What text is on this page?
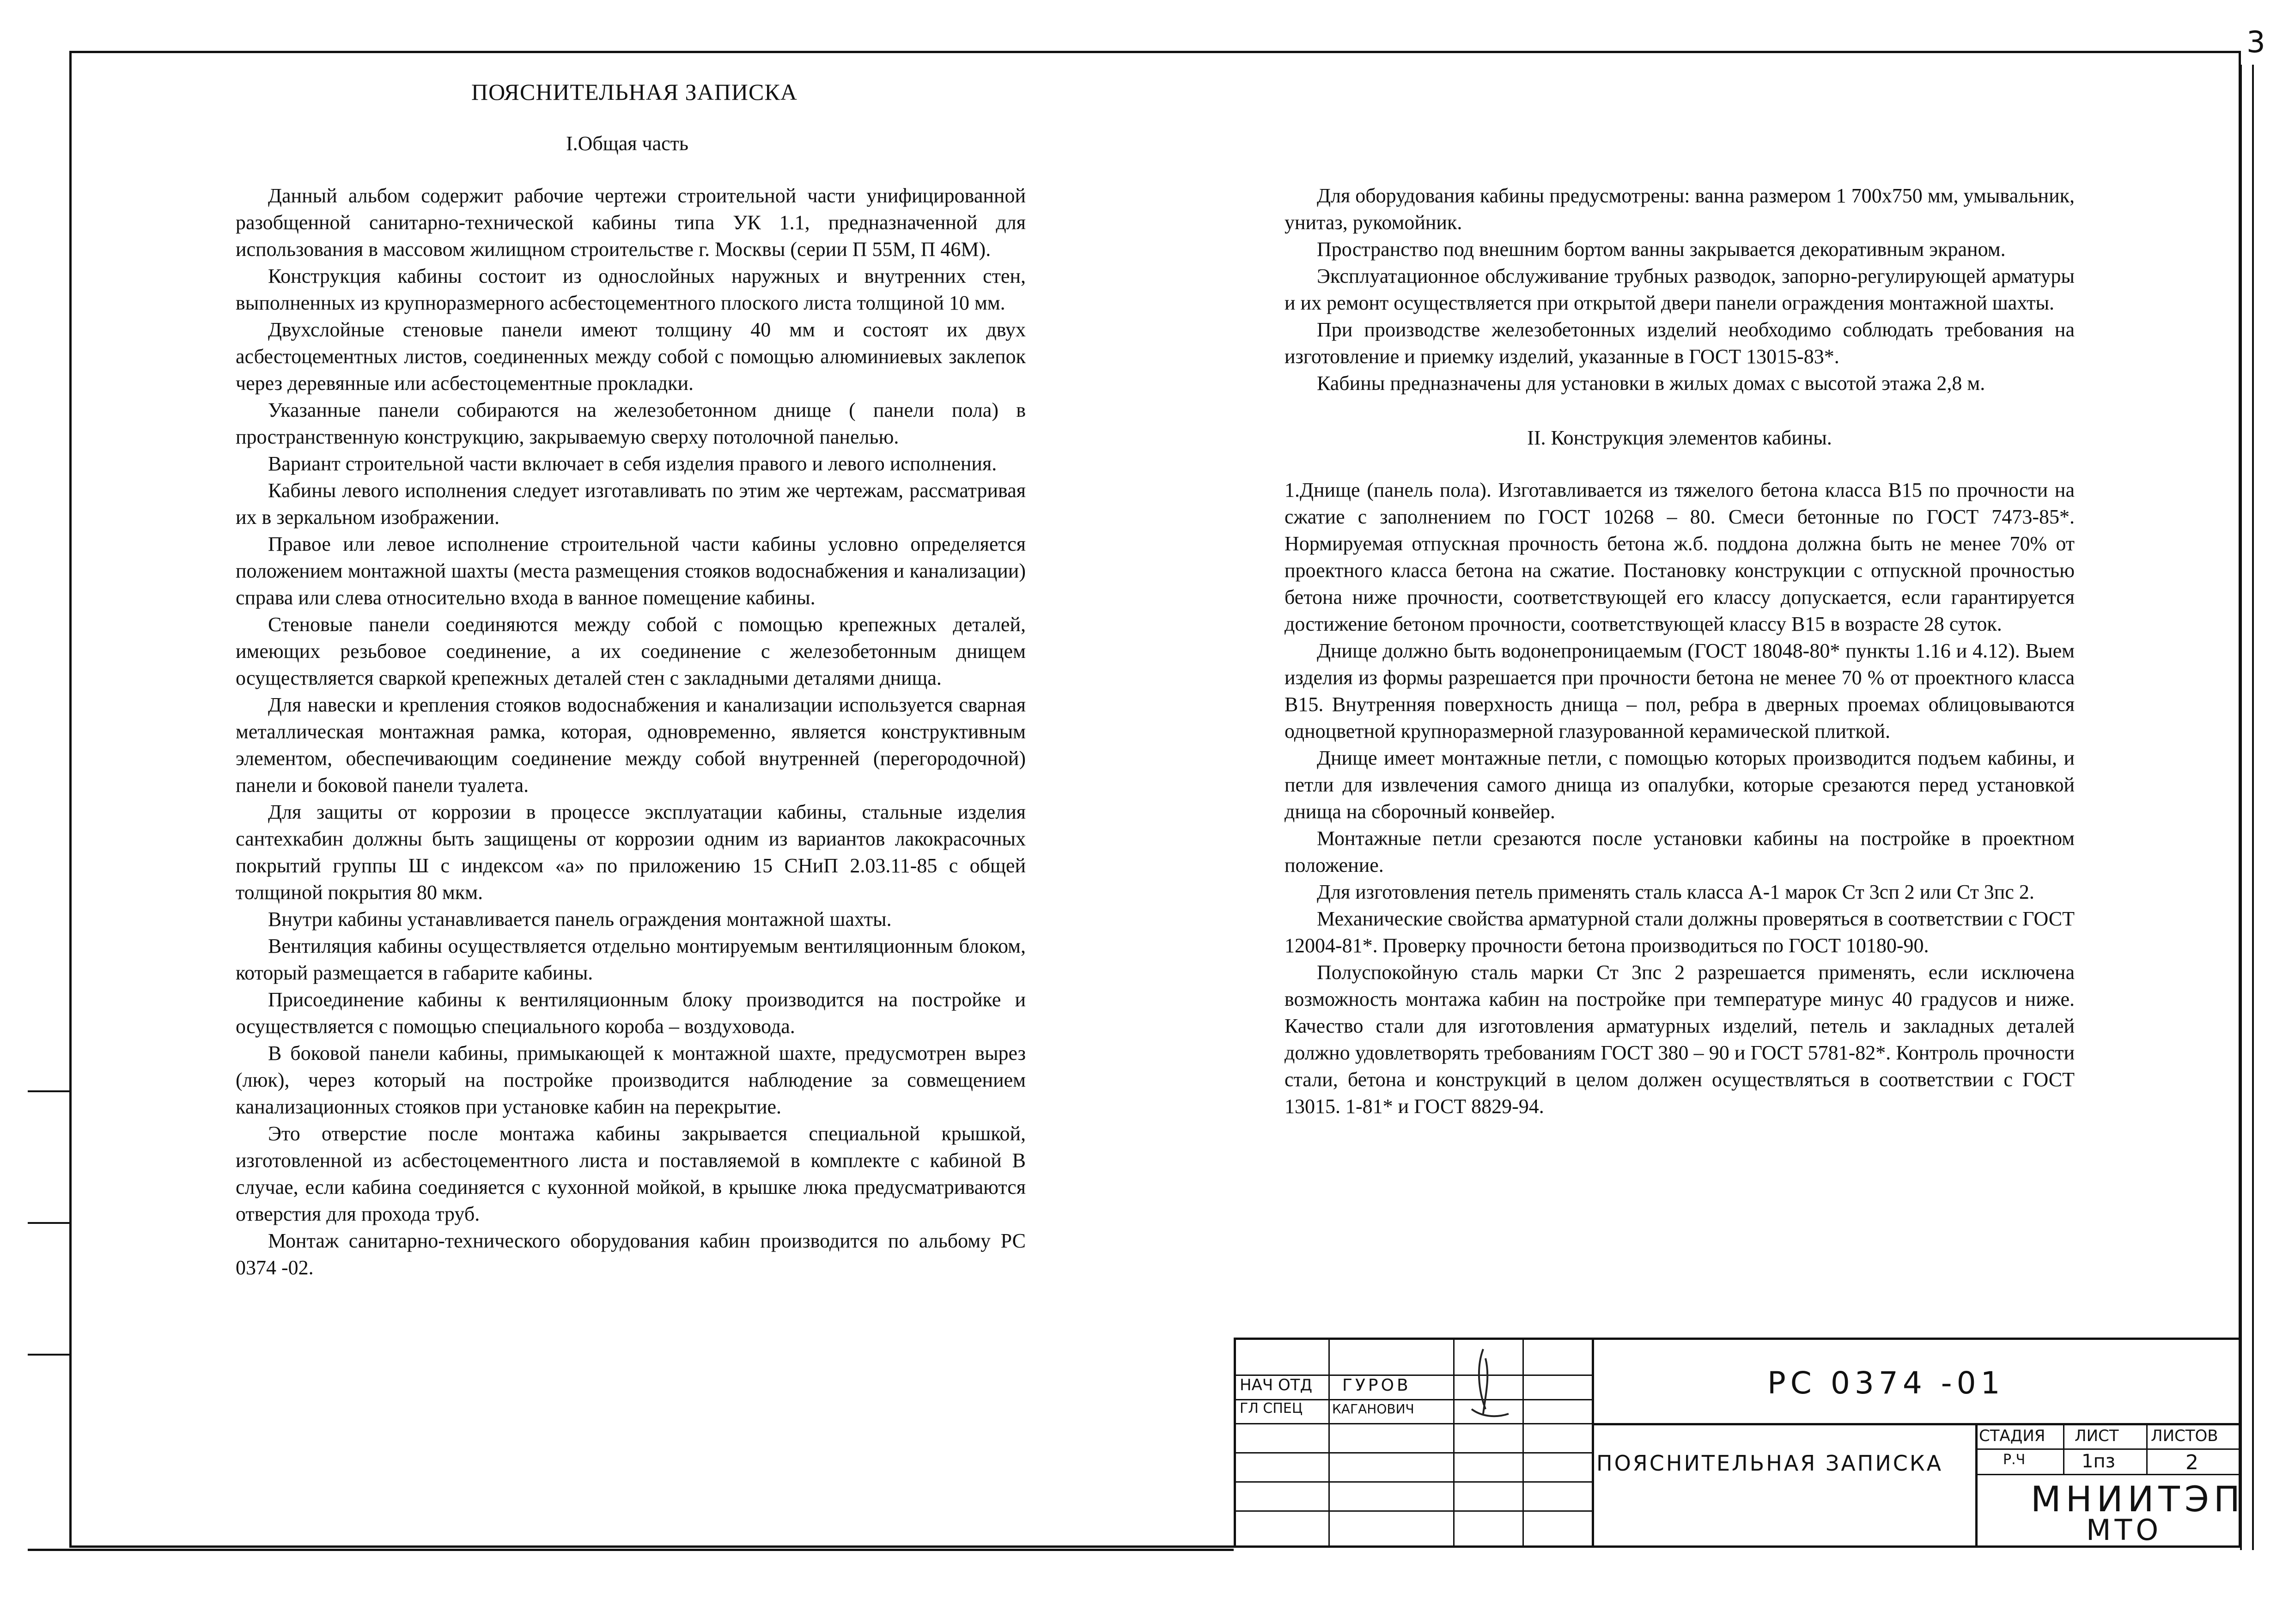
3
ПОЯСНИТЕЛЬНАЯ ЗАПИСКА
I.Общая часть

Данный альбом содержит рабочие чертежи строительной части унифицированной разобщенной санитарно-технической кабины типа УК 1.1, предназначенной для использования в массовом жилищном строительстве г. Москвы (серии П 55М, П 46М).

Конструкция кабины состоит из однослойных наружных и внутренних стен, выполненных из крупноразмерного асбестоцементного плоского листа толщиной 10 мм.

Двухслойные стеновые панели имеют толщину 40 мм и состоят их двух асбестоцементных листов, соединенных между собой с помощью алюминиевых заклепок через деревянные или асбестоцементные прокладки.

Указанные панели собираются на железобетонном днище ( панели пола) в пространственную конструкцию, закрываемую сверху потолочной панелью.

Вариант строительной части включает в себя изделия правого и левого исполнения.

Кабины левого исполнения следует изготавливать по этим же чертежам, рассматривая их в зеркальном изображении.

Правое или левое исполнение строительной части кабины условно определяется положением монтажной шахты (места размещения стояков водоснабжения и канализации) справа или слева относительно входа в ванное помещение кабины.

Стеновые панели соединяются между собой с помощью крепежных деталей, имеющих резьбовое соединение, а их соединение с железобетонным днищем осуществляется сваркой крепежных деталей стен с закладными деталями днища.

Для навески и крепления стояков водоснабжения и канализации используется сварная металлическая монтажная рамка, которая, одновременно, является конструктивным элементом, обеспечивающим соединение между собой внутренней (перегородочной) панели и боковой панели туалета.

Для защиты от коррозии в процессе эксплуатации кабины, стальные изделия сантехкабин должны быть защищены от коррозии одним из вариантов лакокрасочных покрытий группы Ш с индексом «а» по приложению 15 СНиП 2.03.11-85 с общей толщиной покрытия 80 мкм.

Внутри кабины устанавливается панель ограждения монтажной шахты.

Вентиляция кабины осуществляется отдельно монтируемым вентиляционным блоком, который размещается в габарите кабины.

Присоединение кабины к вентиляционным блоку производится на постройке и осуществляется с помощью специального короба – воздуховода.

В боковой панели кабины, примыкающей к монтажной шахте, предусмотрен вырез (люк), через который на постройке производится наблюдение за совмещением канализационных стояков при установке кабин на перекрытие.

Это отверстие после монтажа кабины закрывается специальной крышкой, изготовленной из асбестоцементного листа и поставляемой в комплекте с кабиной В случае, если кабина соединяется с кухонной мойкой, в крышке люка предусматриваются отверстия для прохода труб.

Монтаж санитарно-технического оборудования кабин производится по альбому РС 0374 -02.

Для оборудования кабины предусмотрены: ванна размером 1 700х750 мм, умывальник, унитаз, рукомойник.

Пространство под внешним бортом ванны закрывается декоративным экраном.

Эксплуатационное обслуживание трубных разводок, запорно-регулирующей арматуры и их ремонт осуществляется при открытой двери панели ограждения монтажной шахты.

При производстве железобетонных изделий необходимо соблюдать требования на изготовление и приемку изделий, указанные в ГОСТ 13015-83*.

Кабины предназначены для установки в жилых домах с высотой этажа 2,8 м.

II. Конструкция элементов кабины.

1.Днище (панель пола). Изготавливается из тяжелого бетона класса В15 по прочности на сжатие с заполнением по ГОСТ 10268 – 80. Смеси бетонные по ГОСТ 7473-85*. Нормируемая отпускная прочность бетона ж.б. поддона должна быть не менее 70% от проектного класса бетона на сжатие. Постановку конструкции с отпускной прочностью бетона ниже прочности, соответствующей его классу допускается, если гарантируется достижение бетоном прочности, соответствующей классу В15 в возрасте 28 суток.

Днище должно быть водонепроницаемым (ГОСТ 18048-80* пункты 1.16 и 4.12). Выем изделия из формы разрешается при прочности бетона не менее 70 % от проектного класса В15. Внутренняя поверхность днища – пол, ребра в дверных проемах облицовываются одноцветной крупноразмерной глазурованной керамической плиткой.

Днище имеет монтажные петли, с помощью которых производится подъем кабины, и петли для извлечения самого днища из опалубки, которые срезаются перед установкой днища на сборочный конвейер.

Монтажные петли срезаются после установки кабины на постройке в проектном положение.

Для изготовления петель применять сталь класса А-1 марок Ст 3сп 2 или Ст 3пс 2.

Механические свойства арматурной стали должны проверяться в соответствии с ГОСТ 12004-81*. Проверку прочности бетона производиться по ГОСТ 10180-90.

Полуспокойную сталь марки Ст 3пс 2 разрешается применять, если исключена возможность монтажа кабин на постройке при температуре минус 40 градусов и ниже. Качество стали для изготовления арматурных изделий, петель и закладных деталей должно удовлетворять требованиям ГОСТ 380 – 90 и ГОСТ 5781-82*. Контроль прочности стали, бетона и конструкций в целом должен осуществляться в соответствии с ГОСТ 13015. 1-81* и ГОСТ 8829-94.

НАЧ ОТД ГУРОВ
ГЛ СПЕЦ КАГАНОВИЧ
РС 0374 -01
ПОЯСНИТЕЛЬНАЯ ЗАПИСКА
СТАДИЯ ЛИСТ ЛИСТОВ
Р.Ч	1пз	2
МНИИТЭП
МТО
